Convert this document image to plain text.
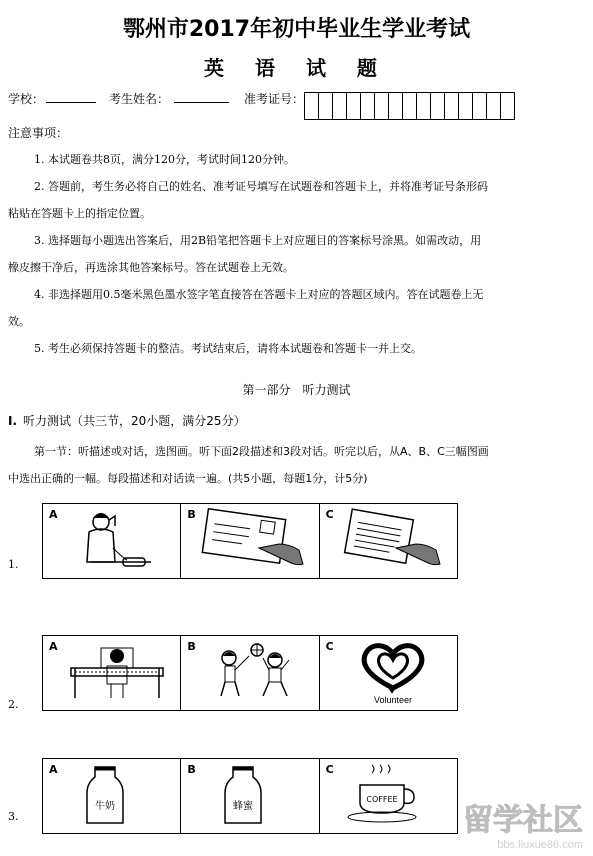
鄂州市2017年初中毕业生学业考试
英 语 试 题
学校：	考生姓名：	准考证号：
注意事项：
1. 本试题卷共8页，满分120分，考试时间120分钟。
2. 答题前，考生务必将自己的姓名、准考证号填写在试题卷和答题卡上，并将准考证号条形码
粘贴在答题卡上的指定位置。
3. 选择题每小题选出答案后，用2B铅笔把答题卡上对应题目的答案标号涂黑。如需改动，用
橡皮擦干净后，再选涂其他答案标号。答在试题卷上无效。
4. 非选择题用0.5毫米黑色墨水签字笔直接答在答题卡上对应的答题区域内。答在试题卷上无
效。
5. 考生必须保持答题卡的整洁。考试结束后，请将本试题卷和答题卡一并上交。
第一部分　听力测试
I. 听力测试（共三节，20小题，满分25分）
第一节：听描述或对话，选图画。听下面2段描述和3段对话。听完以后，从A、B、C三幅图画
中选出正确的一幅。每段描述和对话读一遍。(共5小题，每题1分，计5分)
1.
A	B	C
2.
A	B	C
Volunteer
3.
A
牛奶
B
蜂蜜
C
COFFEE
留学社区
bbs.liuxue86.com
